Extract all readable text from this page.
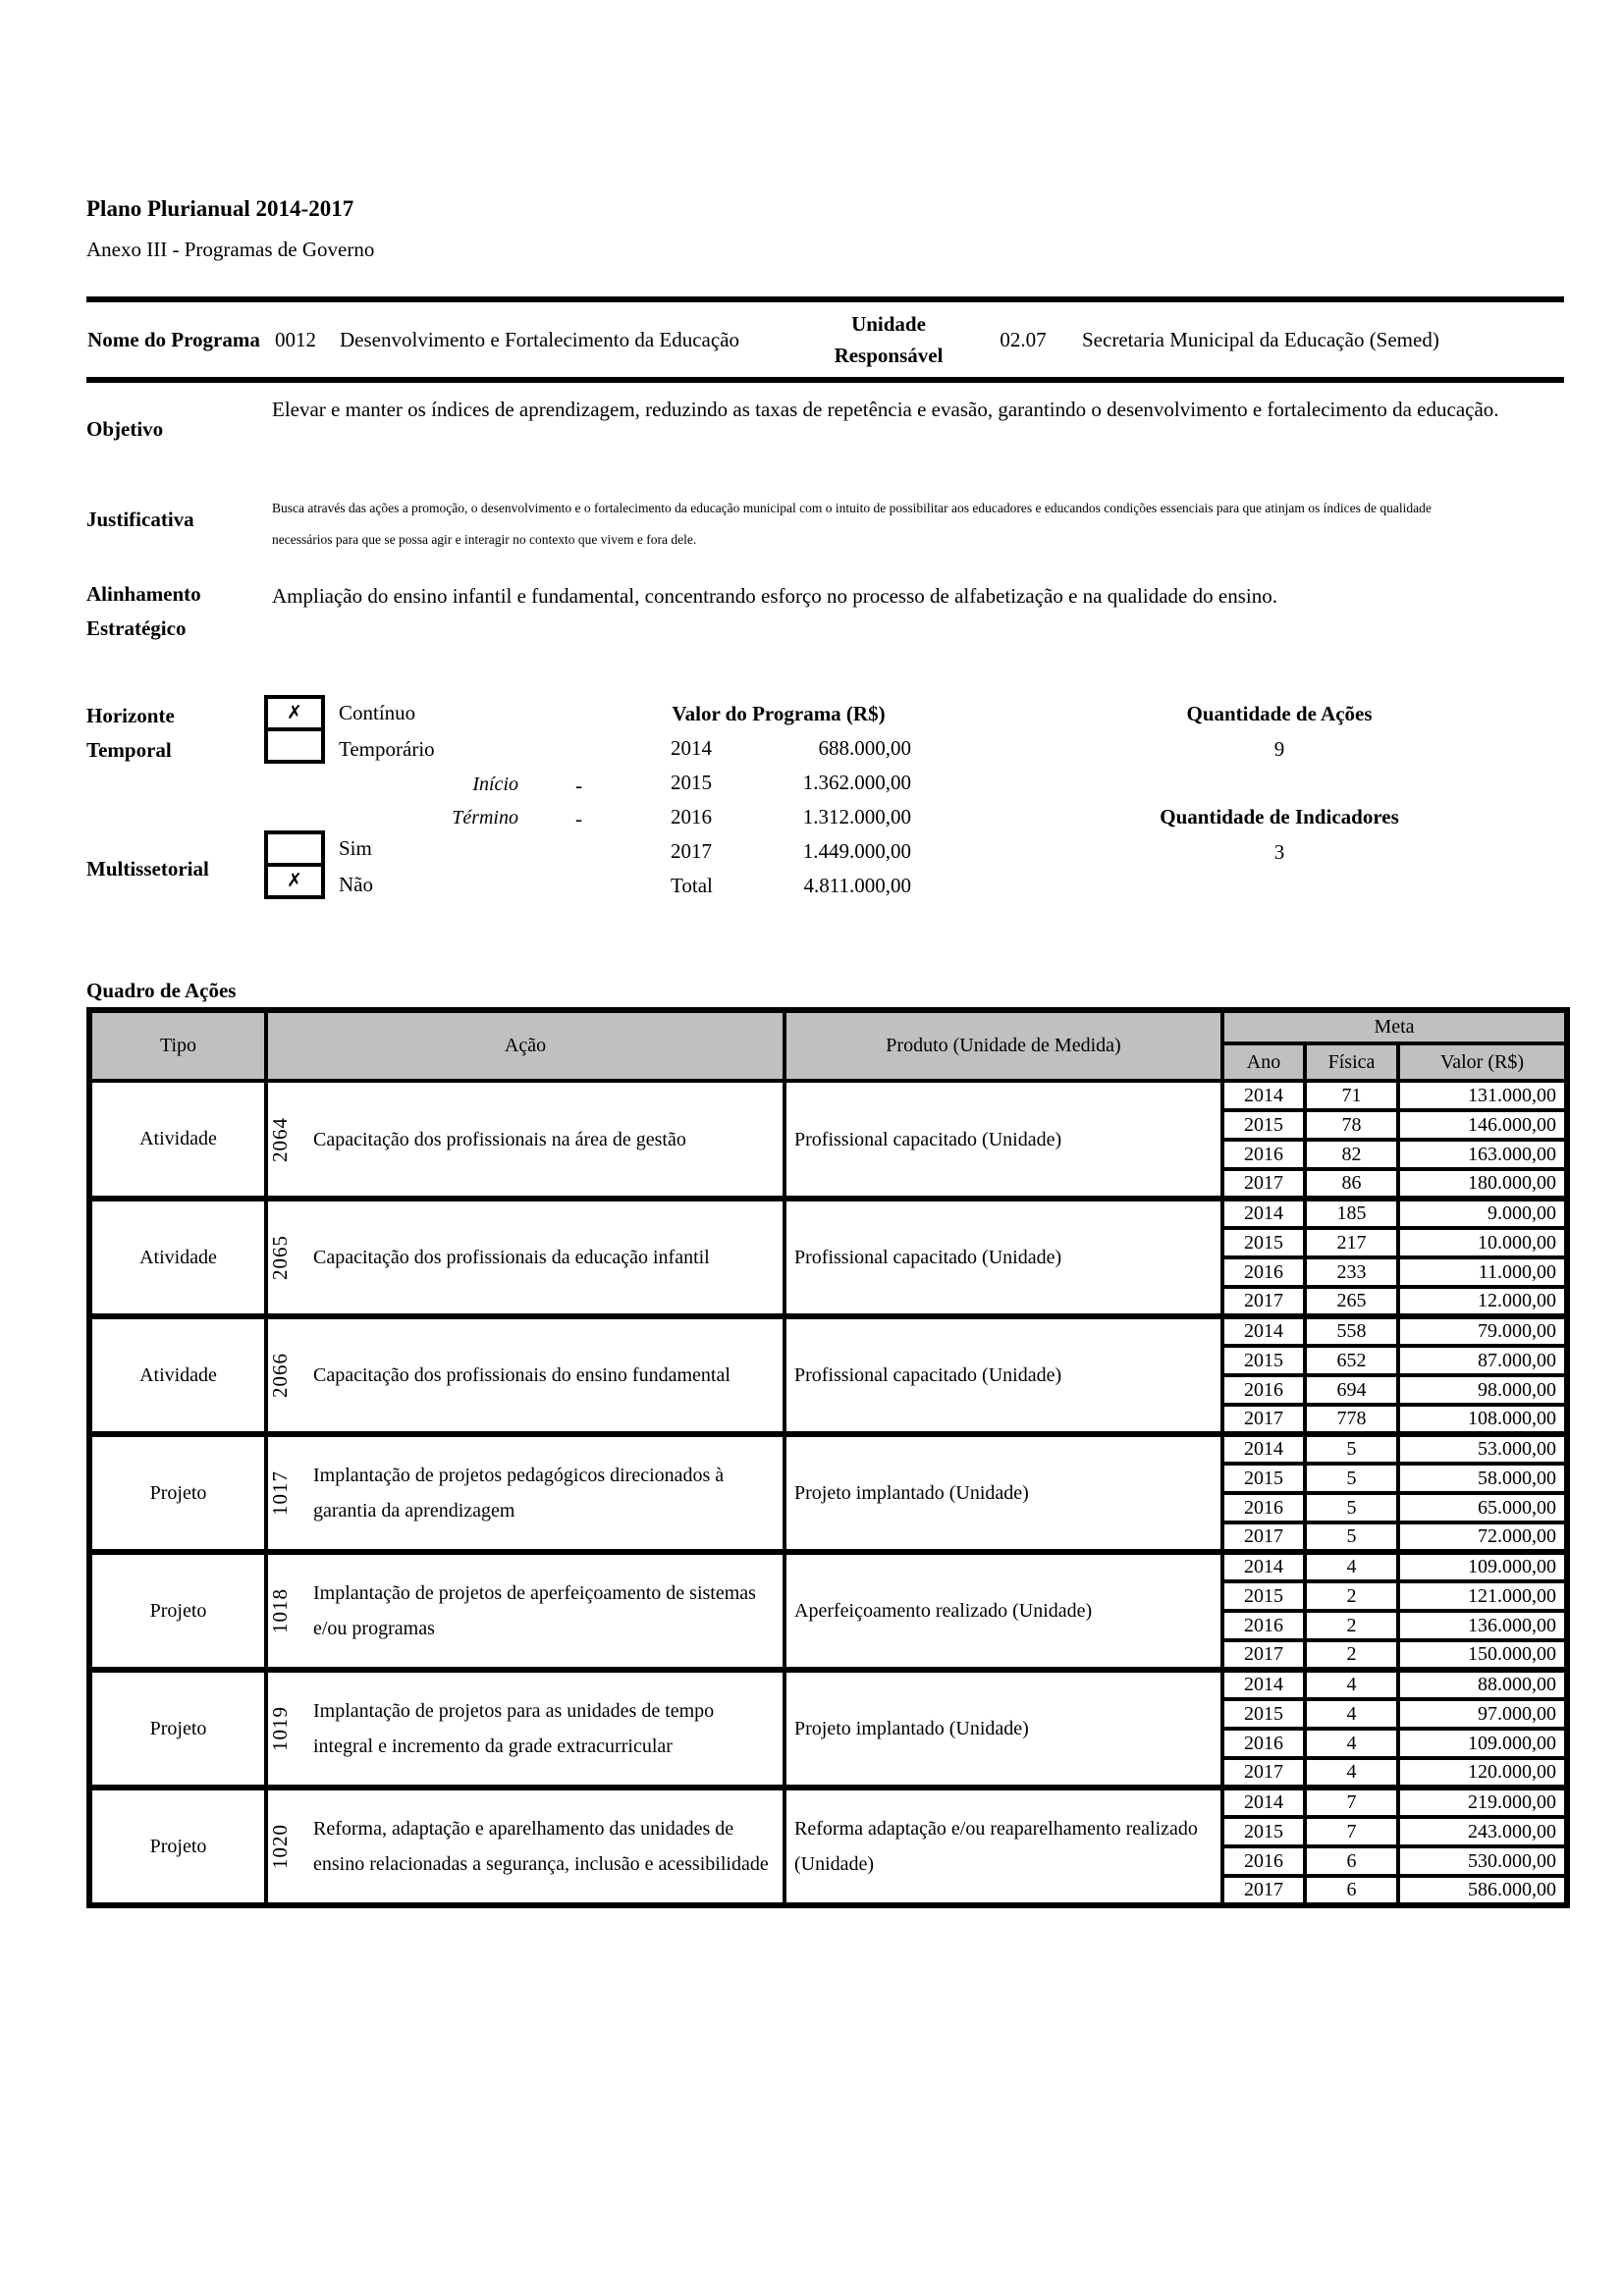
Plano Plurianual 2014-2017
Anexo III - Programas de Governo
Nome do Programa 0012	Desenvolvimento e Fortalecimento da Educação
Unidade Responsável
02.07	Secretaria Municipal da Educação (Semed)
Objetivo
Elevar e manter os índices de aprendizagem, reduzindo as taxas de repetência e evasão, garantindo o desenvolvimento e fortalecimento da educação.
Justificativa	Busca através das ações a promoção, o desenvolvimento e o fortalecimento da educação municipal com o intuito de possibilitar aos educadores e educandos condições essenciais para que atinjam os índices de qualidade necessários para que se possa agir e interagir no contexto que vivem e fora dele.
Alinhamento Estratégico
Ampliação do ensino infantil e fundamental, concentrando esforço no processo de alfabetização e na qualidade do ensino.
Horizonte Temporal
✗ Contínuo
Temporário
Início	-
Término	-
Valor do Programa (R$)
2014	688.000,00
2015	1.362.000,00
2016	1.312.000,00
2017	1.449.000,00
Total	4.811.000,00
Quantidade de Ações
9
Quantidade de Indicadores
3
Multissetorial	✗
Sim
Não
Quadro de Ações
Tipo	Ação	Produto (Unidade de Medida)	Meta		
			Ano	Física	Valor (R$)
Atividade	2064 Capacitação dos profissionais na área de gestão	Profissional capacitado (Unidade)	2014	71	131.000,00
			2015	78	146.000,00
			2016	82	163.000,00
			2017	86	180.000,00
Atividade	2065 Capacitação dos profissionais da educação infantil	Profissional capacitado (Unidade)	2014	185	9.000,00
			2015	217	10.000,00
			2016	233	11.000,00
			2017	265	12.000,00
Atividade	2066 Capacitação dos profissionais do ensino fundamental	Profissional capacitado (Unidade)	2014	558	79.000,00
			2015	652	87.000,00
			2016	694	98.000,00
			2017	778	108.000,00
Projeto	1017 Implantação de projetos pedagógicos direcionados à garantia da aprendizagem	Projeto implantado (Unidade)	2014	5	53.000,00
			2015	5	58.000,00
			2016	5	65.000,00
			2017	5	72.000,00
Projeto	1018 Implantação de projetos de aperfeiçoamento de sistemas e/ou programas	Aperfeiçoamento realizado (Unidade)	2014	4	109.000,00
			2015	2	121.000,00
			2016	2	136.000,00
			2017	2	150.000,00
Projeto	1019 Implantação de projetos para as unidades de tempo integral e incremento da grade extracurricular	Projeto implantado (Unidade)	2014	4	88.000,00
			2015	4	97.000,00
			2016	4	109.000,00
			2017	4	120.000,00
Projeto	1020 Reforma, adaptação e aparelhamento das unidades de ensino relacionadas a segurança, inclusão e acessibilidade	Reforma adaptação e/ou reaparelhamento realizado (Unidade)	2014	7	219.000,00
			2015	7	243.000,00
			2016	6	530.000,00
			2017	6	586.000,00
